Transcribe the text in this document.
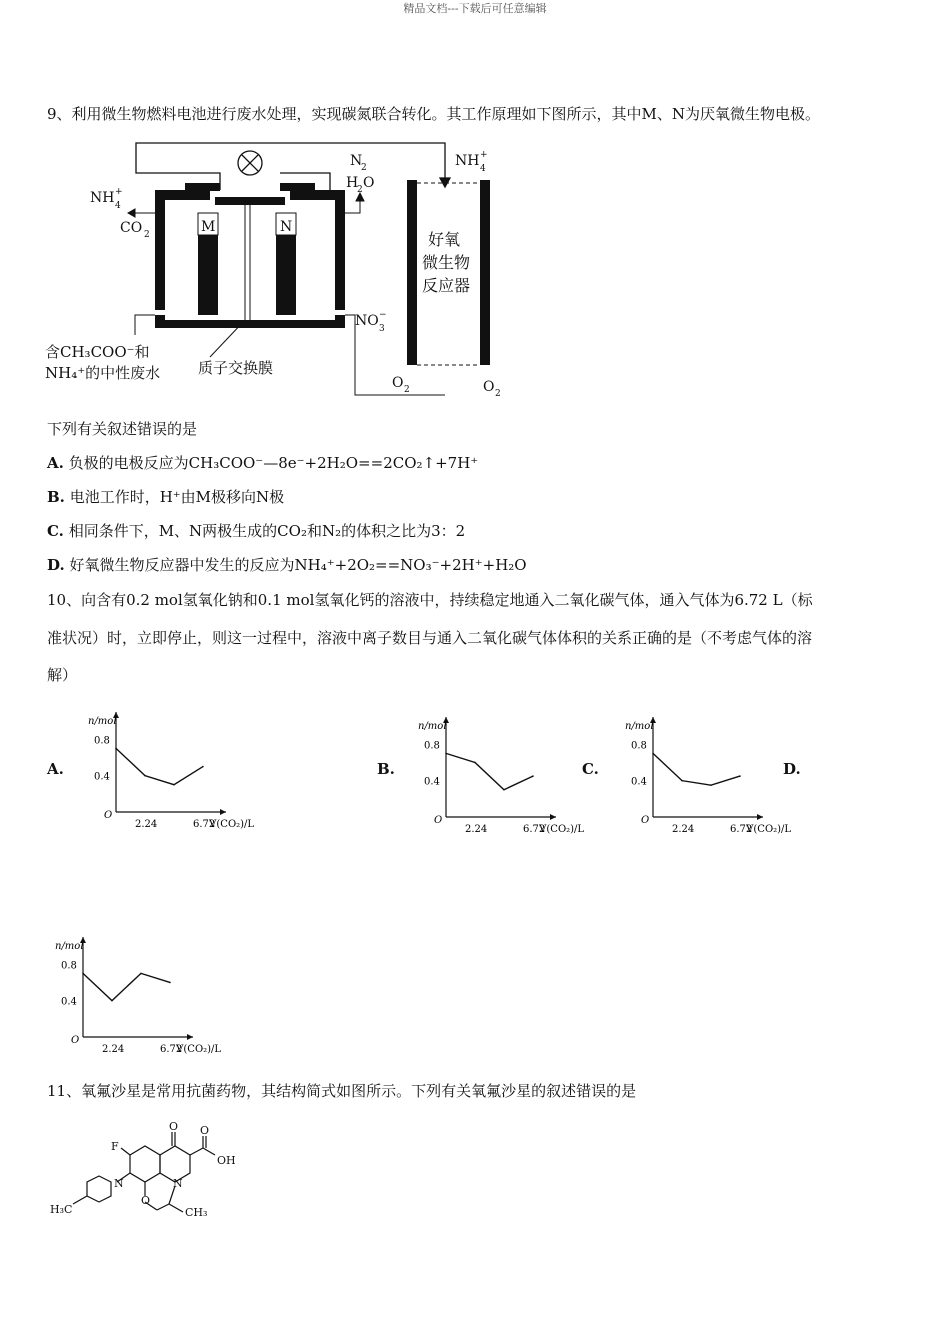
精品文档---下载后可任意编辑
9、利用微生物燃料电池进行废水处理，实现碳氮联合转化。其工作原理如下图所示，其中M、N为厌氧微生物电极。
NH 4
+
N
2
H
2 O
NH 4
+
CO 2	M	N
好氧
微生物
反应器
NO 3
−
含CH₃COO⁻和
NH₄⁺的中性废水	质子交换膜
O 2	O 2
下列有关叙述错误的是
A. 负极的电极反应为CH₃COO⁻—8e⁻+2H₂O==2CO₂↑+7H⁺
B. 电池工作时，H⁺由M极移向N极
C. 相同条件下，M、N两极生成的CO₂和N₂的体积之比为3：2
D. 好氧微生物反应器中发生的反应为NH₄⁺+2O₂==NO₃⁻+2H⁺+H₂O
10、向含有0.2 mol氢氧化钠和0.1 mol氢氧化钙的溶液中，持续稳定地通入二氧化碳气体，通入气体为6.72 L（标
准状况）时，立即停止，则这一过程中，溶液中离子数目与通入二氧化碳气体体积的关系正确的是（不考虑气体的溶
解）
A.	B.	C.	D.
n/mol
O
0.8
0.4
2.24	6.72
V(CO₂)/L
n/mol
O
0.8
0.4
2.24	6.72
V(CO₂)/L
n/mol
O
0.8
0.4
2.24	6.72
V(CO₂)/L
n/mol
O
0.8
0.4
2.24	6.72
V(CO₂)/L
11、氧氟沙星是常用抗菌药物，其结构简式如图所示。下列有关氧氟沙星的叙述错误的是
F
O O
OH
N	N
H₃C
O
CH₃
